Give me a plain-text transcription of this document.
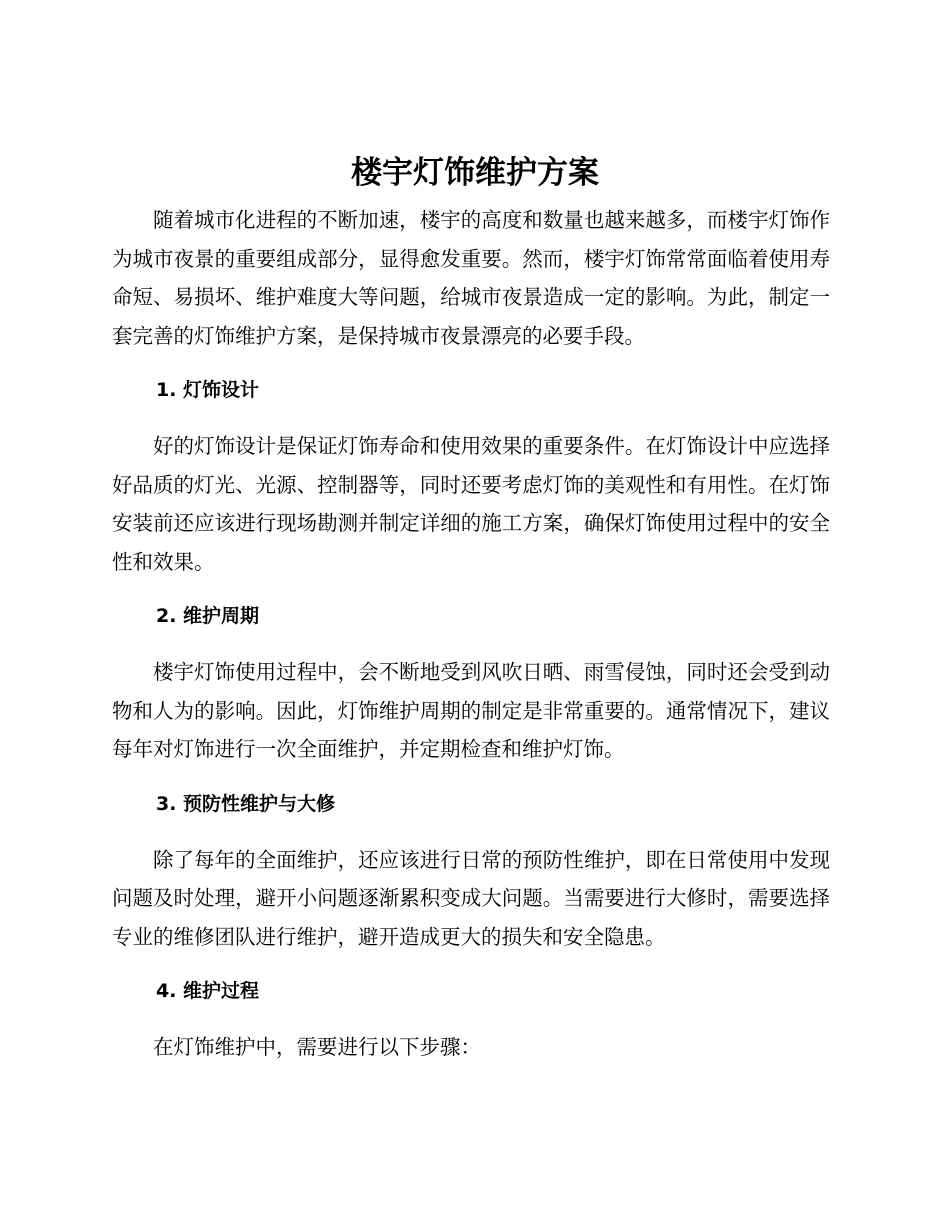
楼宇灯饰维护方案

随着城市化进程的不断加速，楼宇的高度和数量也越来越多，而楼宇灯饰作为城市夜景的重要组成部分，显得愈发重要。然而，楼宇灯饰常常面临着使用寿命短、易损坏、维护难度大等问题，给城市夜景造成一定的影响。为此，制定一套完善的灯饰维护方案，是保持城市夜景漂亮的必要手段。

1. 灯饰设计

好的灯饰设计是保证灯饰寿命和使用效果的重要条件。在灯饰设计中应选择好品质的灯光、光源、控制器等，同时还要考虑灯饰的美观性和有用性。在灯饰安装前还应该进行现场勘测并制定详细的施工方案，确保灯饰使用过程中的安全性和效果。

2. 维护周期

楼宇灯饰使用过程中，会不断地受到风吹日晒、雨雪侵蚀，同时还会受到动物和人为的影响。因此，灯饰维护周期的制定是非常重要的。通常情况下，建议每年对灯饰进行一次全面维护，并定期检查和维护灯饰。

3. 预防性维护与大修

除了每年的全面维护，还应该进行日常的预防性维护，即在日常使用中发现问题及时处理，避开小问题逐渐累积变成大问题。当需要进行大修时，需要选择专业的维修团队进行维护，避开造成更大的损失和安全隐患。

4. 维护过程

在灯饰维护中，需要进行以下步骤：
